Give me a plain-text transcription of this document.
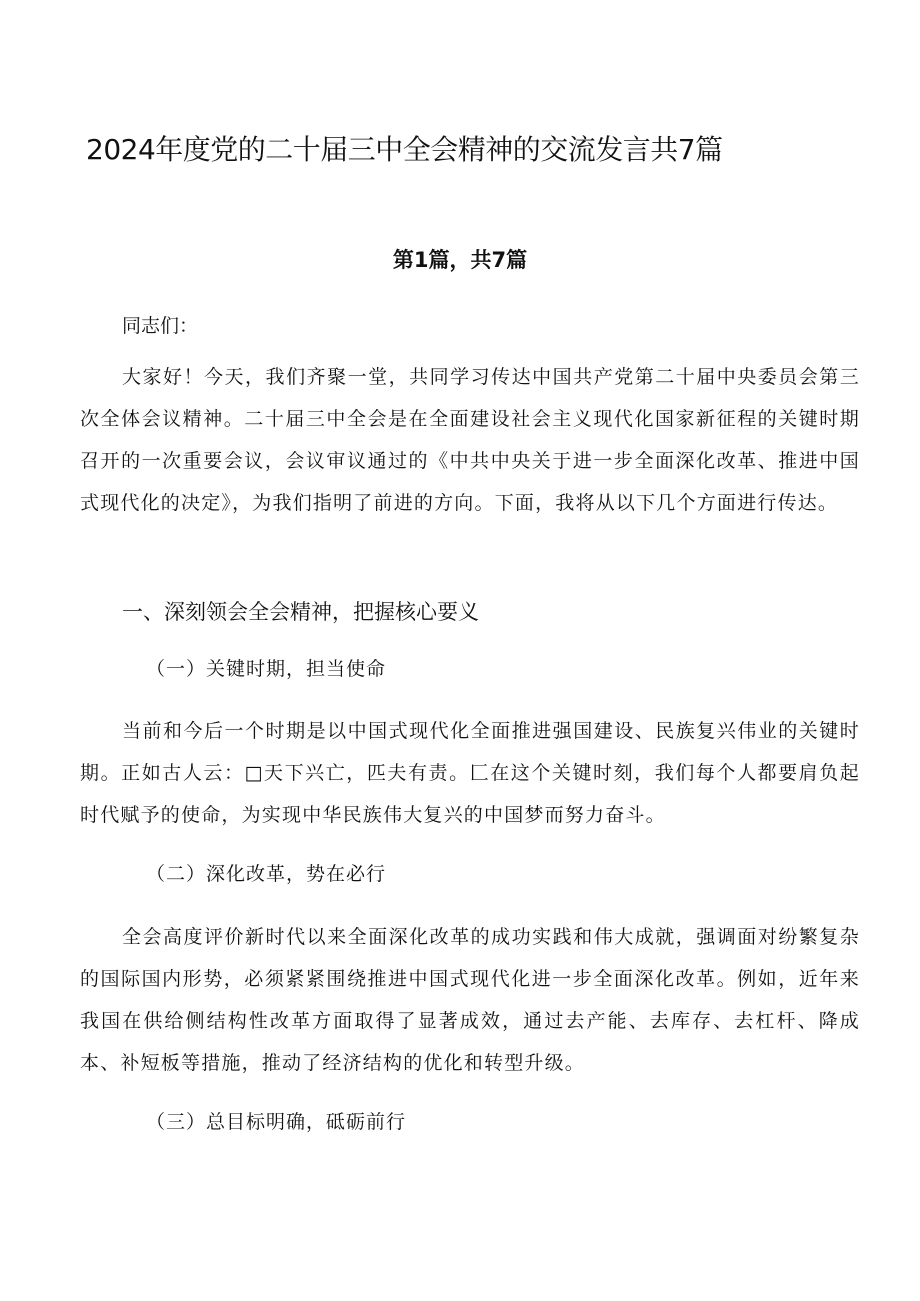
2024年度党的二十届三中全会精神的交流发言共7篇
第1篇，共7篇

同志们：

大家好！今天，我们齐聚一堂，共同学习传达中国共产党第二十届中央委员会第三次全体会议精神。二十届三中全会是在全面建设社会主义现代化国家新征程的关键时期召开的一次重要会议，会议审议通过的《中共中央关于进一步全面深化改革、推进中国式现代化的决定》，为我们指明了前进的方向。下面，我将从以下几个方面进行传达。

一、深刻领会全会精神，把握核心要义

（一）关键时期，担当使命

当前和今后一个时期是以中国式现代化全面推进强国建设、民族复兴伟业的关键时期。正如古人云：□天下兴亡，匹夫有责。匚在这个关键时刻，我们每个人都要肩负起时代赋予的使命，为实现中华民族伟大复兴的中国梦而努力奋斗。

（二）深化改革，势在必行

全会高度评价新时代以来全面深化改革的成功实践和伟大成就，强调面对纷繁复杂的国际国内形势，必须紧紧围绕推进中国式现代化进一步全面深化改革。例如，近年来我国在供给侧结构性改革方面取得了显著成效，通过去产能、去库存、去杠杆、降成本、补短板等措施，推动了经济结构的优化和转型升级。

（三）总目标明确，砥砺前行
